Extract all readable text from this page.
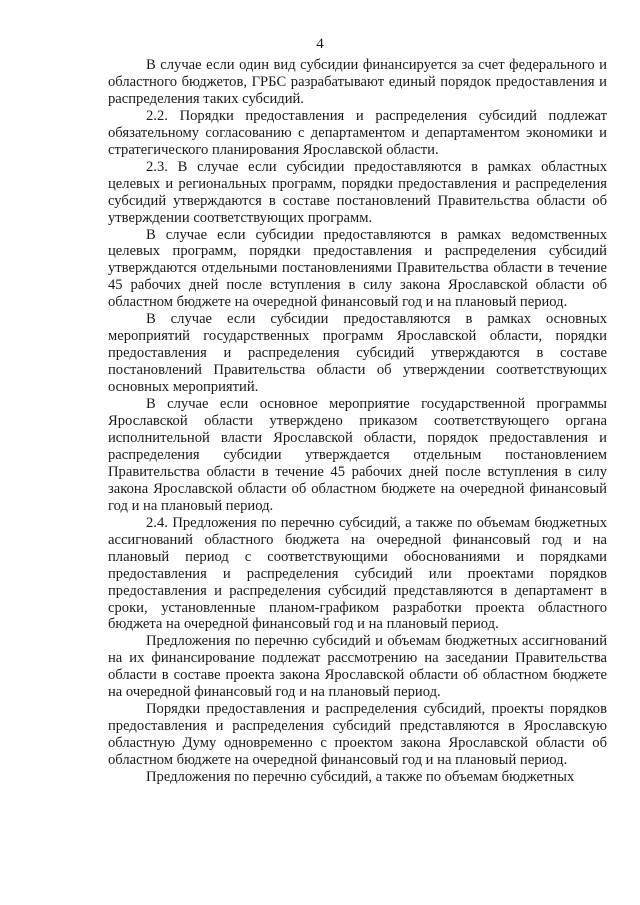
4

В случае если один вид субсидии финансируется за счет федерального и областного бюджетов, ГРБС разрабатывают единый порядок предоставления и распределения таких субсидий.

2.2. Порядки предоставления и распределения субсидий подлежат обязательному согласованию с департаментом и департаментом экономики и стратегического планирования Ярославской области.

2.3. В случае если субсидии предоставляются в рамках областных целевых и региональных программ, порядки предоставления и распределения субсидий утверждаются в составе постановлений Правительства области об утверждении соответствующих программ.

В случае если субсидии предоставляются в рамках ведомственных целевых программ, порядки предоставления и распределения субсидий утверждаются отдельными постановлениями Правительства области в течение 45 рабочих дней после вступления в силу закона Ярославской области об областном бюджете на очередной финансовый год и на плановый период.

В случае если субсидии предоставляются в рамках основных мероприятий государственных программ Ярославской области, порядки предоставления и распределения субсидий утверждаются в составе постановлений Правительства области об утверждении соответствующих основных мероприятий.

В случае если основное мероприятие государственной программы Ярославской области утверждено приказом соответствующего органа исполнительной власти Ярославской области, порядок предоставления и распределения субсидии утверждается отдельным постановлением Правительства области в течение 45 рабочих дней после вступления в силу закона Ярославской области об областном бюджете на очередной финансовый год и на плановый период.

2.4. Предложения по перечню субсидий, а также по объемам бюджетных ассигнований областного бюджета на очередной финансовый год и на плановый период с соответствующими обоснованиями и порядками предоставления и распределения субсидий или проектами порядков предоставления и распределения субсидий представляются в департамент в сроки, установленные планом-графиком разработки проекта областного бюджета на очередной финансовый год и на плановый период.

Предложения по перечню субсидий и объемам бюджетных ассигнований на их финансирование подлежат рассмотрению на заседании Правительства области в составе проекта закона Ярославской области об областном бюджете на очередной финансовый год и на плановый период.

Порядки предоставления и распределения субсидий, проекты порядков предоставления и распределения субсидий представляются в Ярославскую областную Думу одновременно с проектом закона Ярославской области об областном бюджете на очередной финансовый год и на плановый период.

Предложения по перечню субсидий, а также по объемам бюджетных
